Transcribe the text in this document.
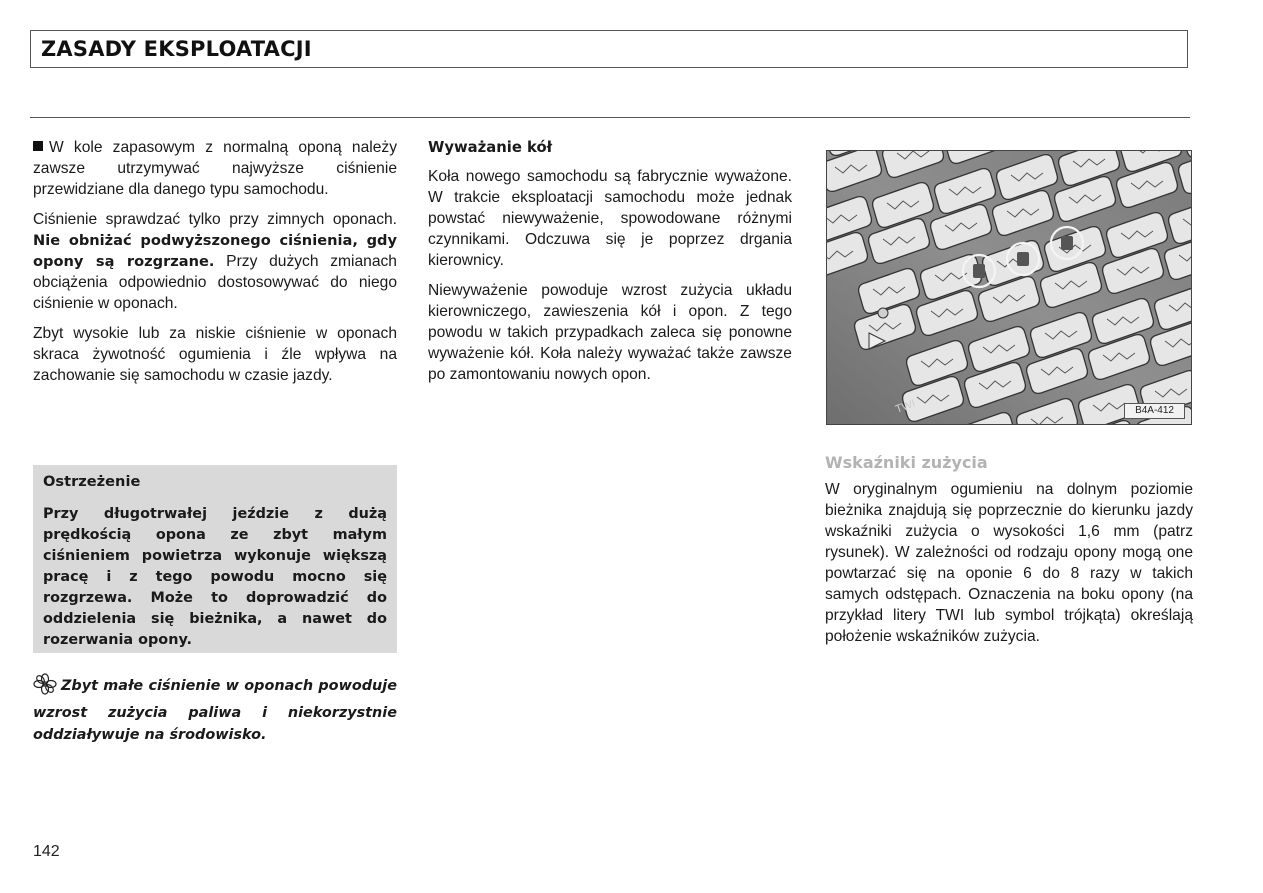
ZASADY EKSPLOATACJI

W kole zapasowym z normalną oponą należy zawsze utrzymywać najwyższe ciśnienie przewidziane dla danego typu samochodu.

Ciśnienie sprawdzać tylko przy zimnych oponach. Nie obniżać podwyższonego ciśnienia, gdy opony są rozgrzane. Przy dużych zmianach obciążenia odpowiednio dostosowywać do niego ciśnienie w oponach.

Zbyt wysokie lub za niskie ciśnienie w oponach skraca żywotność ogumienia i źle wpływa na zachowanie się samochodu w czasie jazdy.

Ostrzeżenie

Przy długotrwałej jeździe z dużą prędkością opona ze zbyt małym ciśnieniem powietrza wykonuje większą pracę i z tego powodu mocno się rozgrzewa. Może to doprowadzić do oddzielenia się bieżnika, a nawet do rozerwania opony.

Zbyt małe ciśnienie w oponach powoduje wzrost zużycia paliwa i niekorzystnie oddziaływuje na środowisko.
Wyważanie kół

Koła nowego samochodu są fabrycznie wyważone. W trakcie eksploatacji samochodu może jednak powstać niewyważenie, spowodowane różnymi czynnikami. Odczuwa się je poprzez drgania kierownicy.

Niewyważenie powoduje wzrost zużycia układu kierowniczego, zawieszenia kół i opon. Z tego powodu w takich przypadkach zaleca się ponowne wyważenie kół. Koła należy wyważać także zawsze po zamontowaniu nowych opon.

TWI	B4A-412
Wskaźniki zużycia

W oryginalnym ogumieniu na dolnym poziomie bieżnika znajdują się poprzecznie do kierunku jazdy wskaźniki zużycia o wysokości 1,6 mm (patrz rysunek). W zależności od rodzaju opony mogą one powtarzać się na oponie 6 do 8 razy w takich samych odstępach. Oznaczenia na boku opony (na przykład litery TWI lub symbol trójkąta) określają położenie wskaźników zużycia.

142
